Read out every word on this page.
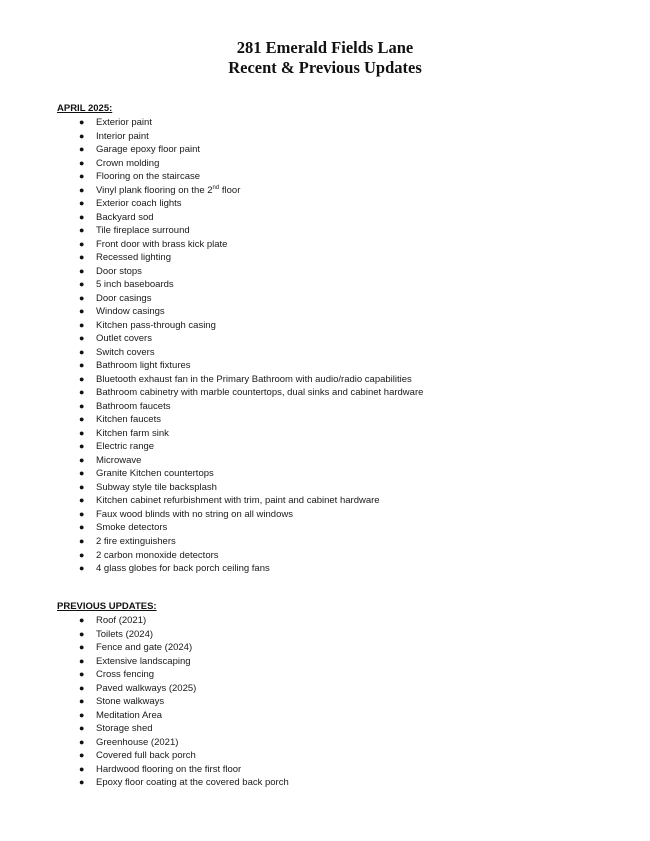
281 Emerald Fields Lane
Recent & Previous Updates
APRIL 2025:
● Exterior paint
● Interior paint
● Garage epoxy floor paint
● Crown molding
● Flooring on the staircase
● Vinyl plank flooring on the 2nd floor
● Exterior coach lights
● Backyard sod
● Tile fireplace surround
● Front door with brass kick plate
● Recessed lighting
● Door stops
● 5 inch baseboards
● Door casings
● Window casings
● Kitchen pass-through casing
● Outlet covers
● Switch covers
● Bathroom light fixtures
● Bluetooth exhaust fan in the Primary Bathroom with audio/radio capabilities
● Bathroom cabinetry with marble countertops, dual sinks and cabinet hardware
● Bathroom faucets
● Kitchen faucets
● Kitchen farm sink
● Electric range
● Microwave
● Granite Kitchen countertops
● Subway style tile backsplash
● Kitchen cabinet refurbishment with trim, paint and cabinet hardware
● Faux wood blinds with no string on all windows
● Smoke detectors
● 2 fire extinguishers
● 2 carbon monoxide detectors
● 4 glass globes for back porch ceiling fans
PREVIOUS UPDATES:
● Roof (2021)
● Toilets (2024)
● Fence and gate (2024)
● Extensive landscaping
● Cross fencing
● Paved walkways (2025)
● Stone walkways
● Meditation Area
● Storage shed
● Greenhouse (2021)
● Covered full back porch
● Hardwood flooring on the first floor
● Epoxy floor coating at the covered back porch
